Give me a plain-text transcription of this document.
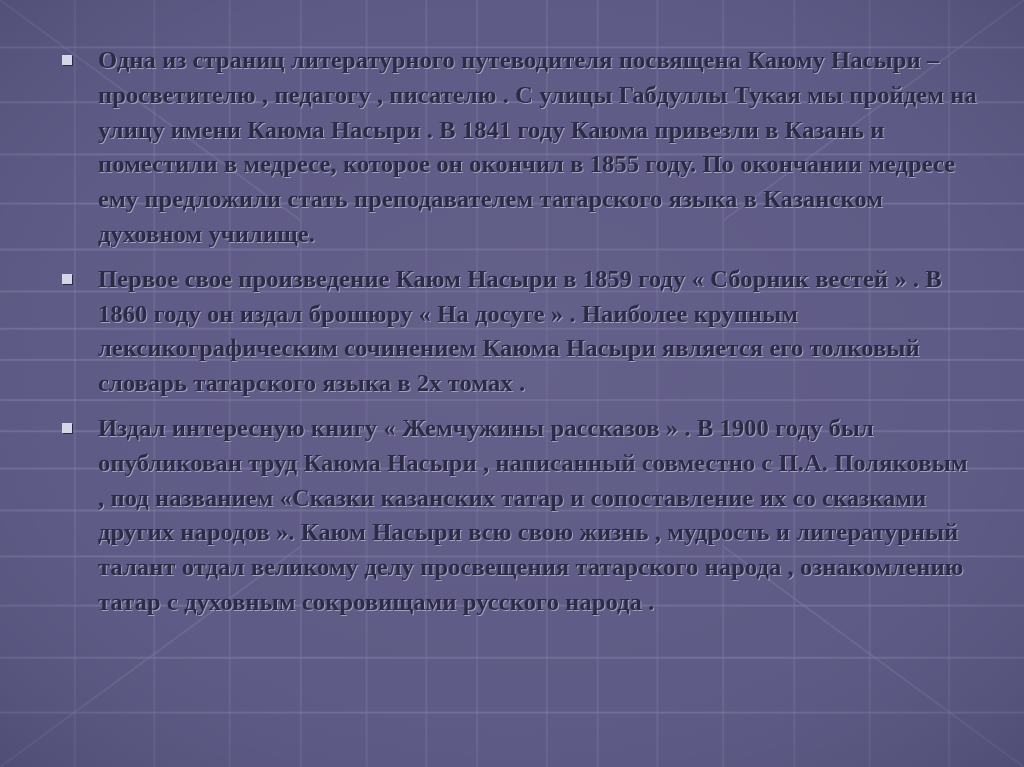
Одна из страниц литературного путеводителя посвящена Каюму Насыри – просветителю , педагогу , писателю . С улицы Габдуллы Тукая мы пройдем на улицу имени Каюма Насыри . В 1841 году Каюма привезли в Казань и поместили в медресе, которое он окончил в 1855 году. По окончании медресе ему предложили стать преподавателем татарского языка в Казанском духовном училище.

Первое свое произведение Каюм Насыри в 1859 году « Сборник вестей » . В 1860 году он издал брошюру « На досуге » . Наиболее крупным лексикографическим сочинением Каюма Насыри является его толковый словарь татарского языка в 2х томах .

Издал интересную книгу « Жемчужины рассказов » . В 1900 году был опубликован труд Каюма Насыри , написанный совместно с П.А. Поляковым , под названием «Сказки казанских татар и сопоставление их со сказками других народов ». Каюм Насыри всю свою жизнь , мудрость и литературный талант отдал великому делу просвещения татарского народа , ознакомлению татар с духовным сокровищами русского народа .
